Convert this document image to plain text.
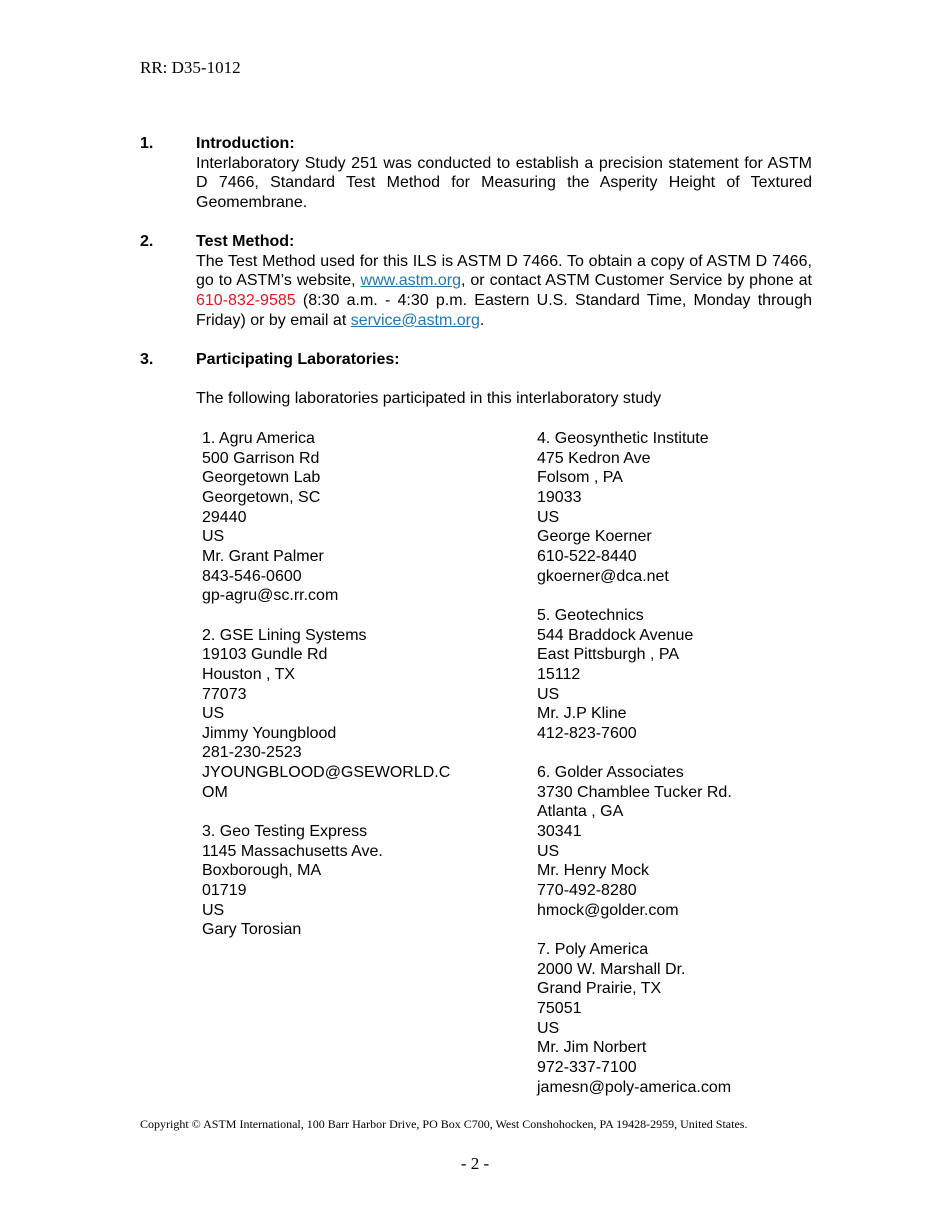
RR: D35-1012
1.	Introduction:
Interlaboratory Study 251 was conducted to establish a precision statement for ASTM D 7466, Standard Test Method for Measuring the Asperity Height of Textured Geomembrane.
2.	Test Method:
The Test Method used for this ILS is ASTM D 7466. To obtain a copy of ASTM D 7466, go to ASTM’s website, www.astm.org, or contact ASTM Customer Service by phone at 610-832-9585 (8:30 a.m. - 4:30 p.m. Eastern U.S. Standard Time, Monday through Friday) or by email at service@astm.org.
3.	Participating Laboratories:
The following laboratories participated in this interlaboratory study
1. Agru America
500 Garrison Rd
Georgetown Lab
Georgetown, SC
29440
US
Mr. Grant Palmer
843-546-0600
gp-agru@sc.rr.com
2. GSE Lining Systems
19103 Gundle Rd
Houston , TX
77073
US
Jimmy Youngblood
281-230-2523
JYOUNGBLOOD@GSEWORLD.C
OM
3. Geo Testing Express
1145 Massachusetts Ave.
Boxborough, MA
01719
US
Gary Torosian
4. Geosynthetic Institute
475 Kedron Ave
Folsom , PA
19033
US
George Koerner
610-522-8440
gkoerner@dca.net
5. Geotechnics
544 Braddock Avenue
East Pittsburgh , PA
15112
US
Mr. J.P Kline
412-823-7600
6. Golder Associates
3730 Chamblee Tucker Rd.
Atlanta , GA
30341
US
Mr. Henry Mock
770-492-8280
hmock@golder.com
7. Poly America
2000 W. Marshall Dr.
Grand Prairie, TX
75051
US
Mr. Jim Norbert
972-337-7100
jamesn@poly-america.com
Copyright © ASTM International, 100 Barr Harbor Drive, PO Box C700, West Conshohocken, PA 19428-2959, United States.
- 2 -
